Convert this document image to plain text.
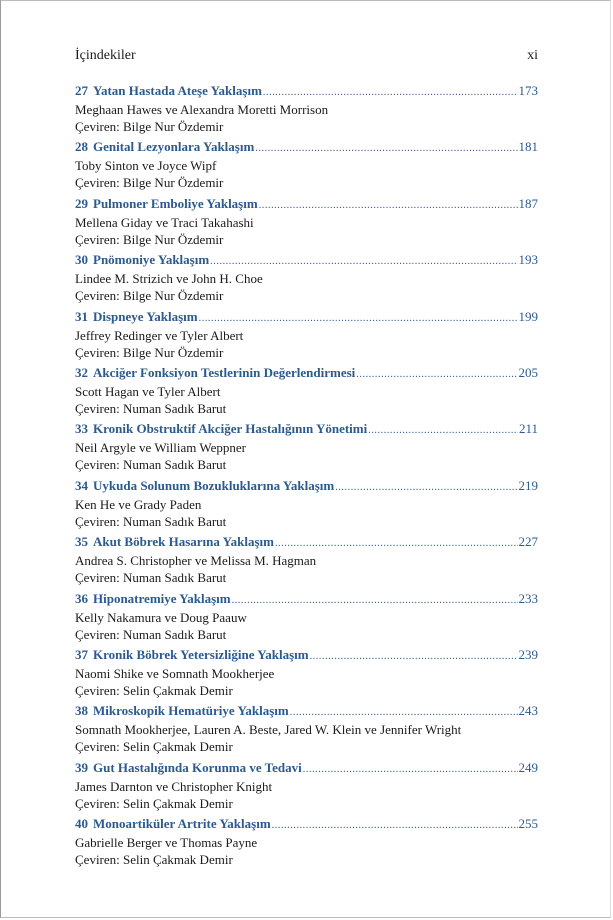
İçindekiler	xi
27 Yatan Hastada Ateşe Yaklaşım .....	173
Meghaan Hawes ve Alexandra Moretti Morrison
Çeviren: Bilge Nur Özdemir
28 Genital Lezyonlara Yaklaşım .....	181
Toby Sinton ve Joyce Wipf
Çeviren: Bilge Nur Özdemir
29 Pulmoner Emboliye Yaklaşım .....	187
Mellena Giday ve Traci Takahashi
Çeviren: Bilge Nur Özdemir
30 Pnömoniye Yaklaşım .....	193
Lindee M. Strizich ve John H. Choe
Çeviren: Bilge Nur Özdemir
31 Dispneye Yaklaşım .....	199
Jeffrey Redinger ve Tyler Albert
Çeviren: Bilge Nur Özdemir
32 Akciğer Fonksiyon Testlerinin Değerlendirmesi .....	205
Scott Hagan ve Tyler Albert
Çeviren: Numan Sadık Barut
33 Kronik Obstruktif Akciğer Hastalığının Yönetimi .....	211
Neil Argyle ve William Weppner
Çeviren: Numan Sadık Barut
34 Uykuda Solunum Bozukluklarına Yaklaşım .....	219
Ken He ve Grady Paden
Çeviren: Numan Sadık Barut
35 Akut Böbrek Hasarına Yaklaşım .....	227
Andrea S. Christopher ve Melissa M. Hagman
Çeviren: Numan Sadık Barut
36 Hiponatremiye Yaklaşım .....	233
Kelly Nakamura ve Doug Paauw
Çeviren: Numan Sadık Barut
37 Kronik Böbrek Yetersizliğine Yaklaşım .....	239
Naomi Shike ve Somnath Mookherjee
Çeviren: Selin Çakmak Demir
38 Mikroskopik Hematüriye Yaklaşım .....	243
Somnath Mookherjee, Lauren A. Beste, Jared W. Klein ve Jennifer Wright
Çeviren: Selin Çakmak Demir
39 Gut Hastalığında Korunma ve Tedavi .....	249
James Darnton ve Christopher Knight
Çeviren: Selin Çakmak Demir
40 Monoartiküler Artrite Yaklaşım .....	255
Gabrielle Berger ve Thomas Payne
Çeviren: Selin Çakmak Demir
